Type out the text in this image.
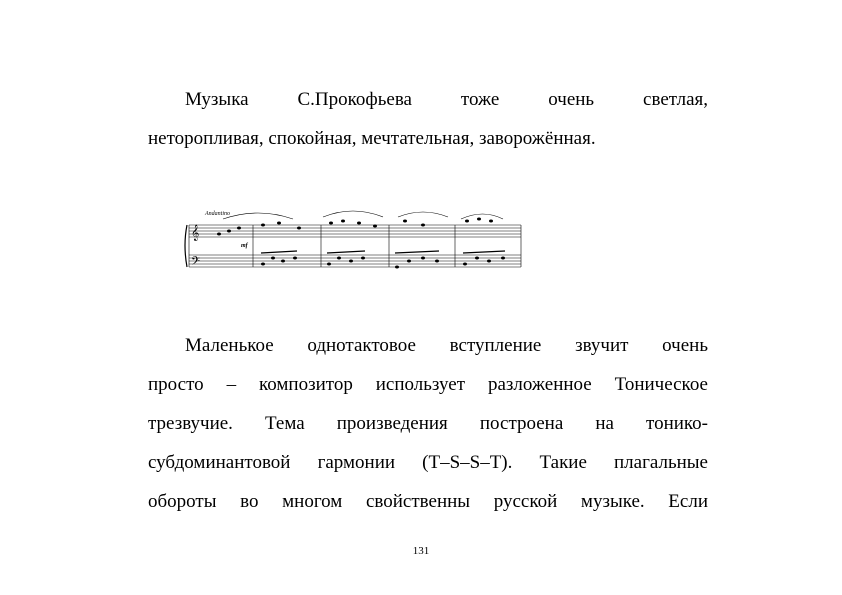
Музыка С.Прокофьева тоже очень светлая,
неторопливая, спокойная, мечтательная, заворожённая.
𝄞
𝄢
Andantino
mf
Маленькое однотактовое вступление звучит очень
просто – композитор использует разложенное Тоническое
трезвучие. Тема произведения построена на тонико-
субдоминантовой гармонии (T–S–S–T). Такие плагальные
обороты во многом свойственны русской музыке. Если
131
